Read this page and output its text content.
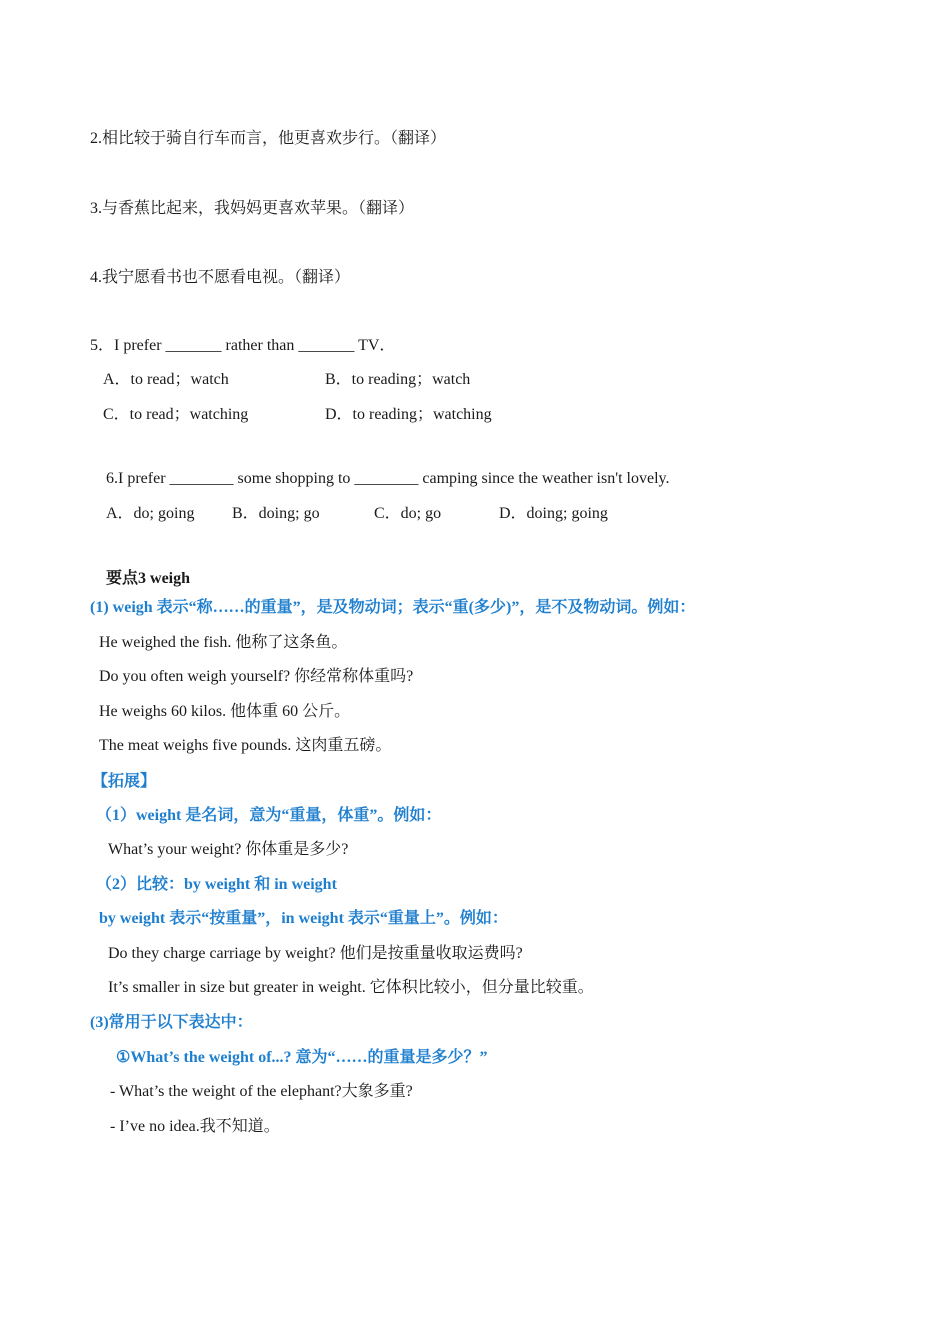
2.相比较于骑自行车而言，他更喜欢步行。（翻译）
3.与香蕉比起来，我妈妈更喜欢苹果。（翻译）
4.我宁愿看书也不愿看电视。（翻译）
5．I prefer _______ rather than _______ TV．
A．to read；watch	B．to reading；watch
C．to read；watching	D．to reading；watching
6.I prefer ________ some shopping to ________ camping since the weather isn't lovely.
A．do; going B．doing; go	C．do; go	D．doing; going
要点3 weigh
(1) weigh 表示“称……的重量”，是及物动词；表示“重(多少)”，是不及物动词。例如：
He weighed the fish. 他称了这条鱼。
Do you often weigh yourself? 你经常称体重吗?
He weighs 60 kilos. 他体重 60 公斤。
The meat weighs five pounds. 这肉重五磅。
【拓展】
（1）weight 是名词，意为“重量，体重”。例如：
What’s your weight? 你体重是多少?
（2）比较：by weight 和 in weight
by weight 表示“按重量”，in weight 表示“重量上”。例如：
Do they charge carriage by weight? 他们是按重量收取运费吗?
It’s smaller in size but greater in weight. 它体积比较小，但分量比较重。
(3)常用于以下表达中：
①What’s the weight of...? 意为“……的重量是多少？”
- What’s the weight of the elephant?大象多重?
- I’ve no idea.我不知道。
